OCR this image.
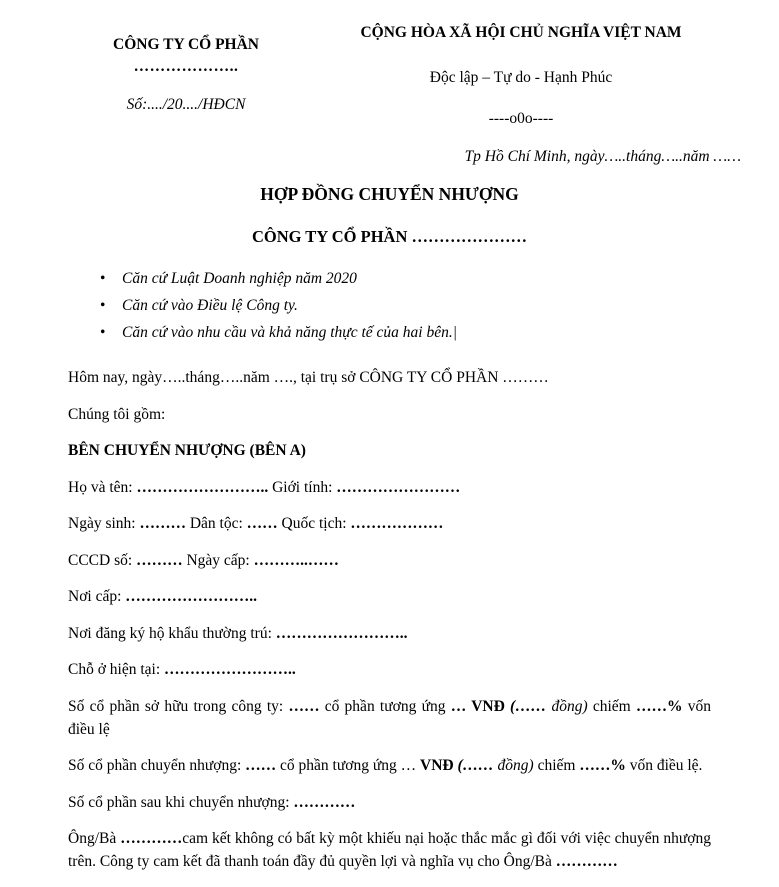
CÔNG TY CỔ PHẦN
………………..
Số:..../20..../HĐCN
CỘNG HÒA XÃ HỘI CHỦ NGHĨA VIỆT NAM
Độc lập – Tự do - Hạnh Phúc
----o0o----
Tp Hồ Chí Minh, ngày…..tháng…..năm ……
HỢP ĐỒNG CHUYỂN NHƯỢNG
CÔNG TY CỔ PHẦN …………………
• Căn cứ Luật Doanh nghiệp năm 2020
• Căn cứ vào Điều lệ Công ty.
• Căn cứ vào nhu cầu và khả năng thực tế của hai bên.|

Hôm nay, ngày…..tháng…..năm …., tại trụ sở CÔNG TY CỔ PHẦN ………

Chúng tôi gồm:

BÊN CHUYỂN NHƯỢNG (BÊN A)

Họ và tên: …………………….. Giới tính: ……………………

Ngày sinh: ……… Dân tộc: …… Quốc tịch: ………………

CCCD số: ……… Ngày cấp: ………..……

Nơi cấp: ……………………..

Nơi đăng ký hộ khẩu thường trú: ……………………..

Chỗ ở hiện tại: ……………………..

Số cổ phần sở hữu trong công ty: …… cổ phần tương ứng … VNĐ (…… đồng) chiếm ……% vốn điều lệ

Số cổ phần chuyển nhượng: …… cổ phần tương ứng … VNĐ (…… đồng) chiếm ……% vốn điều lệ.

Số cổ phần sau khi chuyển nhượng: …………

Ông/Bà …………cam kết không có bất kỳ một khiếu nại hoặc thắc mắc gì đối với việc chuyển nhượng trên. Công ty cam kết đã thanh toán đầy đủ quyền lợi và nghĩa vụ cho Ông/Bà …………
